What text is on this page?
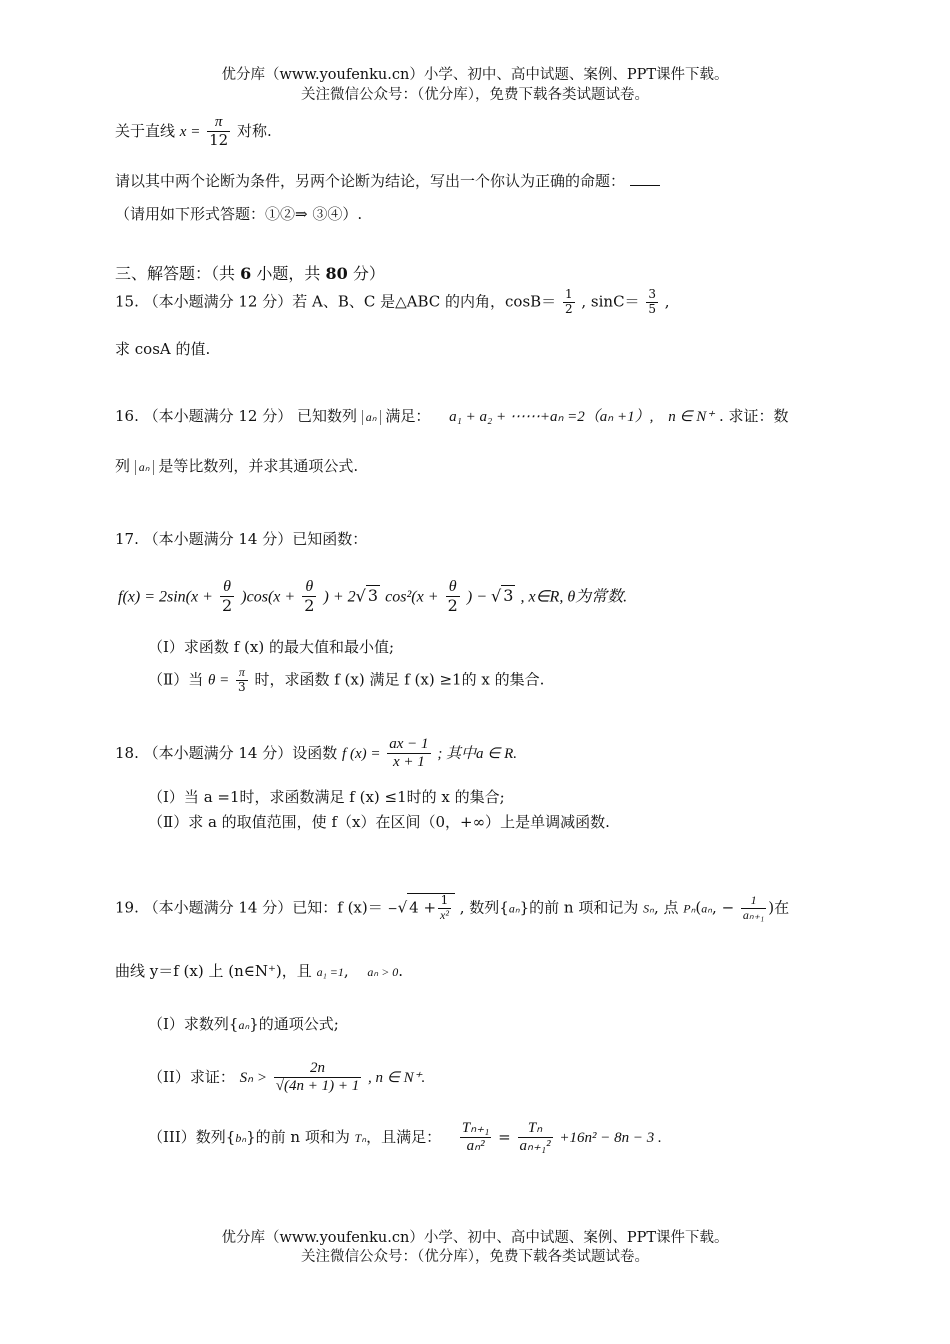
优分库（www.youfenku.cn）小学、初中、高中试题、案例、PPT课件下载。
关注微信公众号：（优分库），免费下载各类试题试卷。
关于直线 $x = \frac{\pi}{12}$ 对称.
请以其中两个论断为条件，另两个论断为结论，写出一个你认为正确的命题：
（请用如下形式答题：①②⇒ ③④）.
三、解答题：（共 6 小题，共 80 分）
15. （本小题满分 12 分）若 A、B、C 是△ABC 的内角，$\cos B= \frac{1}{2}$ , $\sin C= \frac{3}{5}$ ,
求 cosA 的值.
16. （本小题满分 12 分） 已知数列 aₙ 满足： a₁ + a₂ + ⋯⋯+aₙ =2（aₙ +1）, n ∈ N⁺ . 求证：数
列 aₙ 是等比数列，并求其通项公式.
17. （本小题满分 14 分）已知函数：
$f(x) = 2\sin(x + \frac{\theta}{2} )\cos(x + \frac{\theta}{2}$ ) + 2√ 3 $\cos^2(x + \frac{\theta}{2}$ ) − √ 3 , x∈R, θ为常数.
（Ⅰ）求函数 f (x) 的最大值和最小值;
（Ⅱ）当 $\theta = \frac{\pi}{3}$ 时，求函数 f (x) 满足 f (x) ≥1的 x 的集合.
18. （本小题满分 14 分）设函数 f $(x) = \frac{ax - 1}{x + 1}$ ; 其中a ∈ R.
（Ⅰ）当 a =1时，求函数满足 f (x) ≤1时的 x 的集合;
（Ⅱ）求 a 的取值范围，使 f（x）在区间（0，+∞）上是单调减函数.
19. （本小题满分 14 分）已知：f (x)＝ −√ $4 + \frac{1}{\text{x²}}$ , 数列{aₙ}的前 n 项和记为 Sₙ, 点 Pₙ(aₙ, − $\frac{1}{\text{aₙ₊₁}}$ )在
曲线 y＝f (x) 上 (n∈N⁺)，且 a₁ =1, aₙ > 0.
（I）求数列{aₙ}的通项公式;
（II）求证： $S_n > \frac{2n}{√(4n + 1) + 1}$ , n ∈ N⁺.
（III）数列{bₙ}的前 n 项和为 Tₙ，且满足： $\frac{\text{Tₙ₊₁}}{\text{aₙ²}} = \frac{\text{Tₙ}}{\text{aₙ₊₁²}} +16n^2 - 8n - 3$ .
优分库（www.youfenku.cn）小学、初中、高中试题、案例、PPT课件下载。
关注微信公众号：（优分库），免费下载各类试题试卷。
